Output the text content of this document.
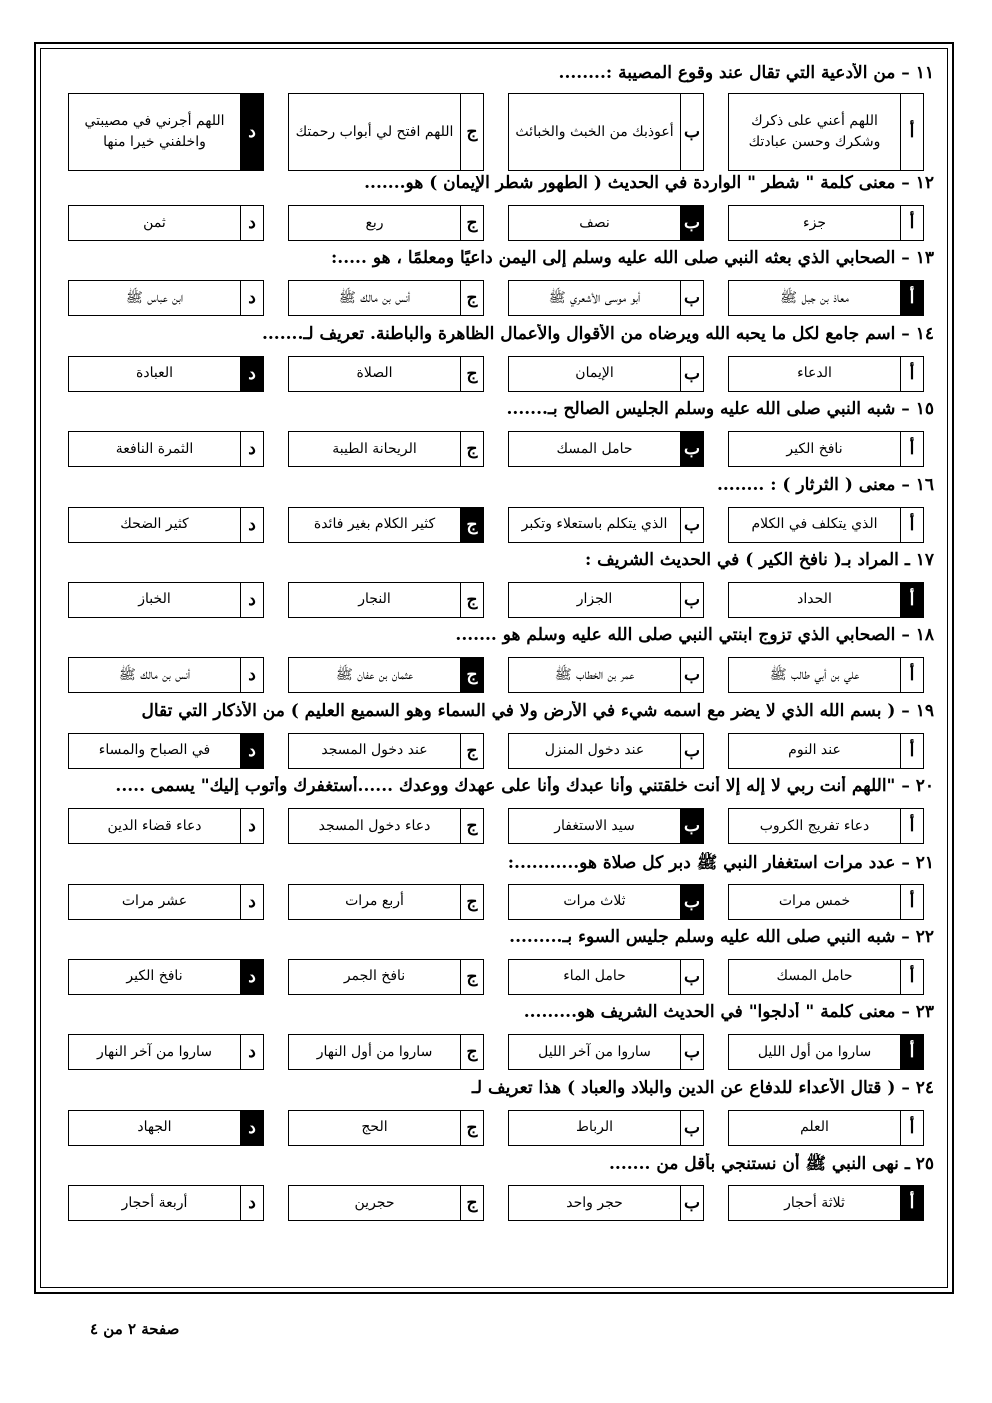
١١ – من الأدعية التي تقال عند وقوع المصيبة :........
أ
اللهم أعني على ذكرك وشكرك وحسن عبادتك
ب
أعوذبك من الخبث والخبائث
ج
اللهم افتح لي أبواب رحمتك
د
اللهم أجرني في مصيبتي واخلفني خيرا منها
١٢ – معنى كلمة " شطر " الواردة في الحديث ( الطهور شطر الإيمان ) هو.......
أ
جزء
ب
نصف
ج
ربع
د
ثمن
١٣ – الصحابي الذي بعثه النبي صلى الله عليه وسلم إلى اليمن داعيًا ومعلمًا ، هو .....:
أ
معاذ بن جبل ﷺ
ب
أبو موسى الأشعري ﷺ
ج
أنس بن مالك ﷺ
د
ابن عباس ﷺ
١٤ – اسم جامع لكل ما يحبه الله ويرضاه من الأقوال والأعمال الظاهرة والباطنة. تعريف لـ.......
أ
الدعاء
ب
الإيمان
ج
الصلاة
د
العبادة
١٥ – شبه النبي صلى الله عليه وسلم الجليس الصالح بـ.......
أ
نافخ الكير
ب
حامل المسك
ج
الريحانة الطيبة
د
الثمرة النافعة
١٦ – معنى ( الثرثار ) : ........
أ
الذي يتكلف في الكلام
ب
الذي يتكلم باستعلاء وتكبر
ج
كثير الكلام بغير فائدة
د
كثير الضحك
١٧ ـ المراد بـ( نافخ الكير ) في الحديث الشريف :
أ
الحداد
ب
الجزار
ج
النجار
د
الخباز
١٨ – الصحابي الذي تزوج ابنتي النبي صلى الله عليه وسلم هو .......
أ
علي بن أبي طالب ﷺ
ب
عمر بن الخطاب ﷺ
ج
عثمان بن عفان ﷺ
د
أنس بن مالك ﷺ
١٩ – ( بسم الله الذي لا يضر مع اسمه شيء في الأرض ولا في السماء وهو السميع العليم ) من الأذكار التي تقال
أ
عند النوم
ب
عند دخول المنزل
ج
عند دخول المسجد
د
في الصباح والمساء
٢٠ – "اللهم أنت ربي لا إله إلا أنت خلقتني وأنا عبدك وأنا على عهدك ووعدك ......أستغفرك وأتوب إليك" يسمى .....
أ
دعاء تفريج الكروب
ب
سيد الاستغفار
ج
دعاء دخول المسجد
د
دعاء قضاء الدين
٢١ – عدد مرات استغفار النبي ﷺ دبر كل صلاة هو...........:
أ
خمس مرات
ب
ثلاث مرات
ج
أربع مرات
د
عشر مرات
٢٢ – شبه النبي صلى الله عليه وسلم جليس السوء بـ.........
أ
حامل المسك
ب
حامل الماء
ج
نافخ الجمر
د
نافخ الكير
٢٣ – معنى كلمة " أدلجوا" في الحديث الشريف هو.........
أ
ساروا من أول الليل
ب
ساروا من آخر الليل
ج
ساروا من أول النهار
د
ساروا من آخر النهار
٢٤ – ( قتال الأعداء للدفاع عن الدين والبلاد والعباد ) هذا تعريف لـ
أ
العلم
ب
الرباط
ج
الحج
د
الجهاد
٢٥ ـ نهى النبي ﷺ أن نستنجي بأقل من .......
أ
ثلاثة أحجار
ب
حجر واحد
ج
حجرين
د
أربعة أحجار
صفحة ٢ من ٤
